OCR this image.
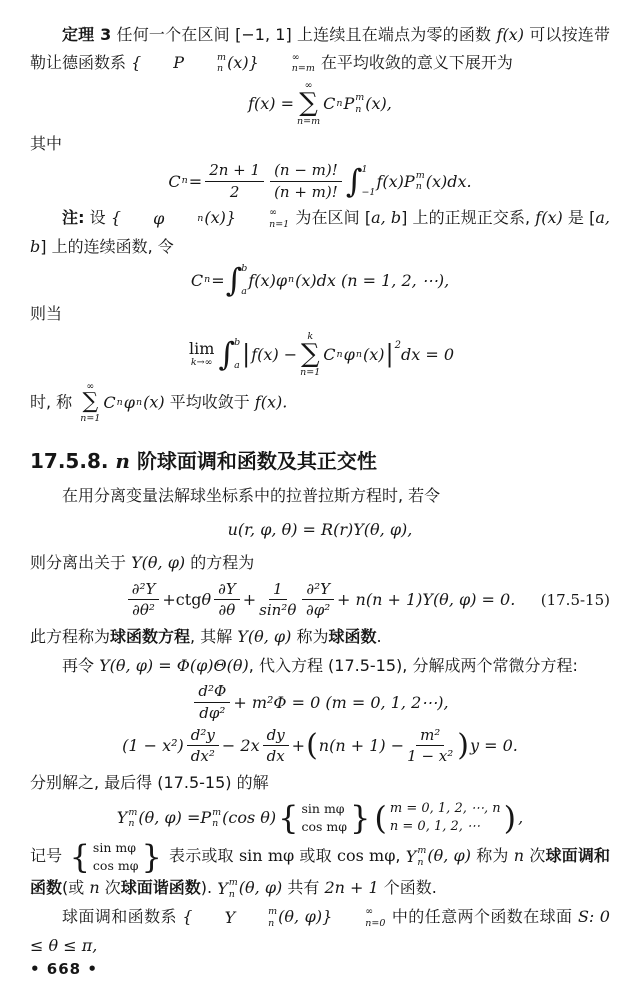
定理 3 任何一个在区间 [−1, 1] 上连续且在端点为零的函数 f(x) 可以按连带勒让德函数系 {	P	m
n (x)}	∞
n=m 在平均收敛的意义下展开为
f(x) =
∞
∑
n=m
C n P m
n (x),
其中
C $n = \frac{2n + 1}{2} \frac{(n - m)!}{(n + m)!}$ ∫ 1
−1
f(x) P m
n (x)dx.
注: 设 {	φ	n (x)}	∞
n=1 为在区间 [a, b] 上的正规正交系, f(x) 是 [a, b] 上的连续函数, 令
C n = ∫ b
a
f(x) φ n (x)dx (n = 1, 2, ⋯),
则当
lim
k→∞ ∫ b
a | f(x) −
k
∑
n=1
C n φ n (x) | 2 dx = 0
时, 称
∞
∑
n=1
C n φ n (x) 平均收敛于 f(x).
17.5.8. n 阶球面调和函数及其正交性
在用分离变量法解球坐标系中的拉普拉斯方程时, 若令
u(r, φ, θ) = R(r)Y(θ, φ),
则分离出关于 Y(θ, φ) 的方程为
$\frac{\text{∂²Y}}{\text{∂θ²}}$ + ctg θ $\frac{\partial Y}{\partial\theta} + \frac{1}{\text{sin²θ}} \frac{\text{∂²Y}}{\text{∂φ²}} + n(n + 1)Y(\theta$, φ) = 0. (17.5-15)
此方程称为球函数方程, 其解 Y(θ, φ) 称为球函数.
再令 Y(θ, φ) = Φ(φ)Θ(θ), 代入方程 (17.5-15), 分解成两个常微分方程:
$\frac{\text{d²Φ}}{\text{dφ²}} + m^2\Phi = 0$ (m = 0, 1, 2⋯),
$(1 - x^2) \frac{\text{d²y}}{\text{dx²}} - 2x \frac{dy}{dx}$ + ( $n(n + 1) - \frac{\text{m²}}{\text{1 − x²}}$ ) y = 0.
分别解之, 最后得 (17.5-15) 的解
Y m
n (θ, φ) = P m
n (cos θ) { sin mφ
cos mφ } ( m = 0, 1, 2, ⋯, n
n = 0, 1, 2, ⋯ ) ,
记号 { sin mφ
cos mφ } 表示或取 sin mφ 或取 cos mφ, Y m
n (θ, φ) 称为 n 次球面调和函数(或 n 次球面谐函数). Y m
n (θ, φ) 共有 2n + 1 个函数.
球面调和函数系 {	Y	m
n (θ, φ)}	∞
n=0 中的任意两个函数在球面 S: 0 ≤ θ ≤ π,
• 668 •
